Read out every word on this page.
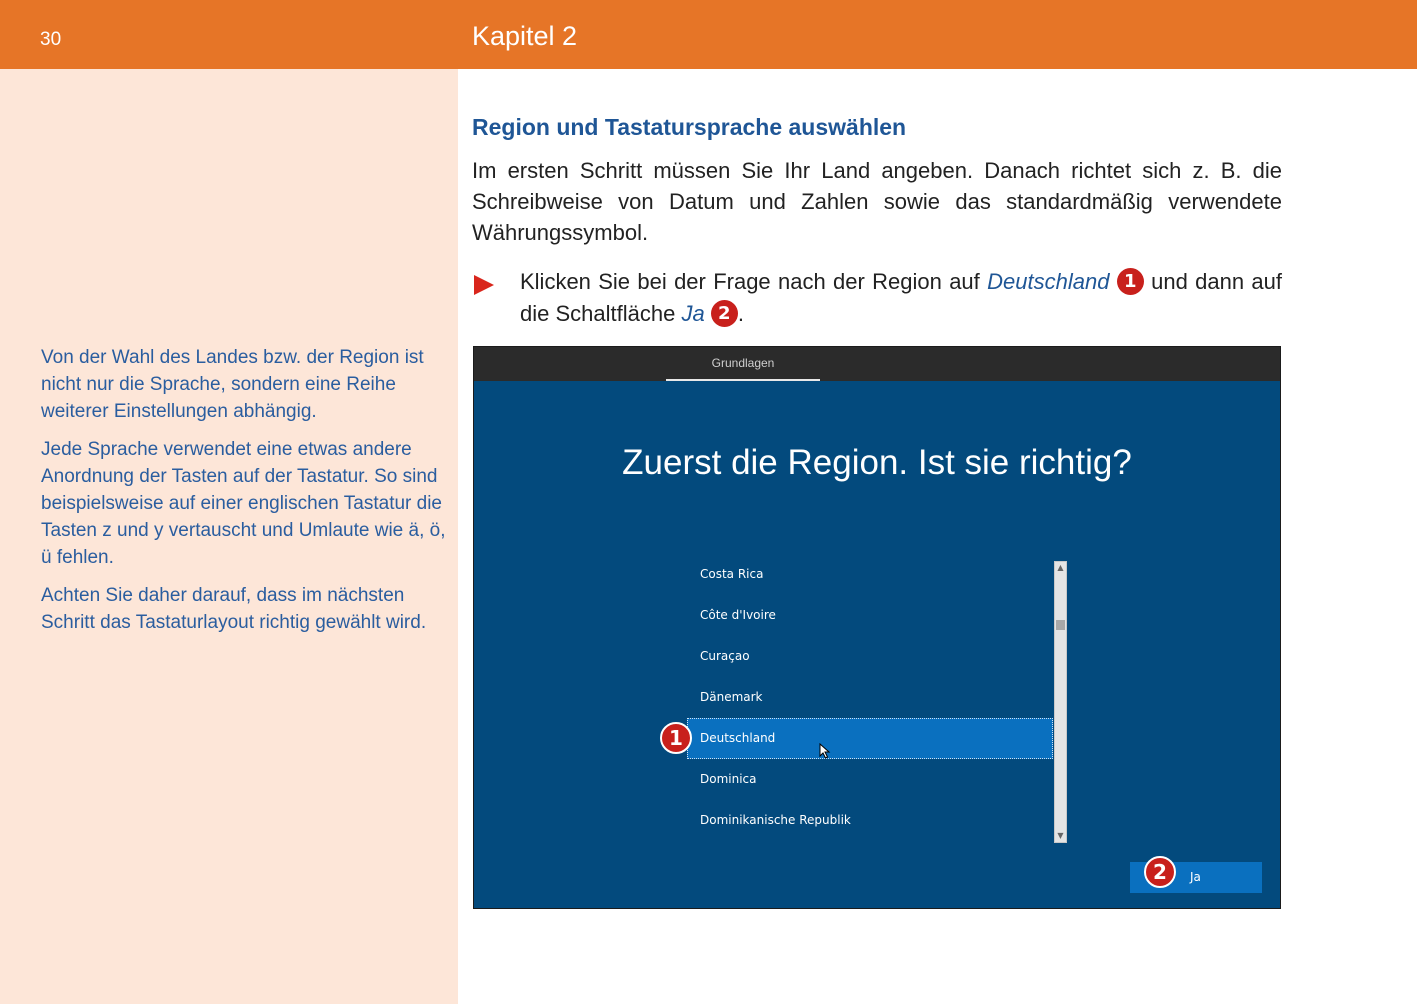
30	Kapitel 2

Von der Wahl des Landes bzw. der Region ist nicht nur die Sprache, sondern eine Reihe weiterer Einstellungen abhängig.

Jede Sprache verwendet eine etwas andere Anordnung der Tasten auf der Tastatur. So sind beispielsweise auf einer englischen Tastatur die Tasten z und y vertauscht und Umlaute wie ä, ö, ü fehlen.

Achten Sie daher darauf, dass im nächsten Schritt das Tastaturlayout richtig gewählt wird.

Region und Tastatursprache auswählen

Im ersten Schritt müssen Sie Ihr Land angeben. Danach richtet sich z. B. die Schreibweise von Datum und Zahlen sowie das standardmäßig verwendete Währungssymbol.

Klicken Sie bei der Frage nach der Region auf Deutschland 1 und dann auf die Schaltfläche Ja 2 .

Grundlagen
Zuerst die Region. Ist sie richtig?
Costa Rica
Côte d'Ivoire
Curaçao
Dänemark
Deutschland
Dominica
Dominikanische Republik
▲
▼
1
Ja
2
